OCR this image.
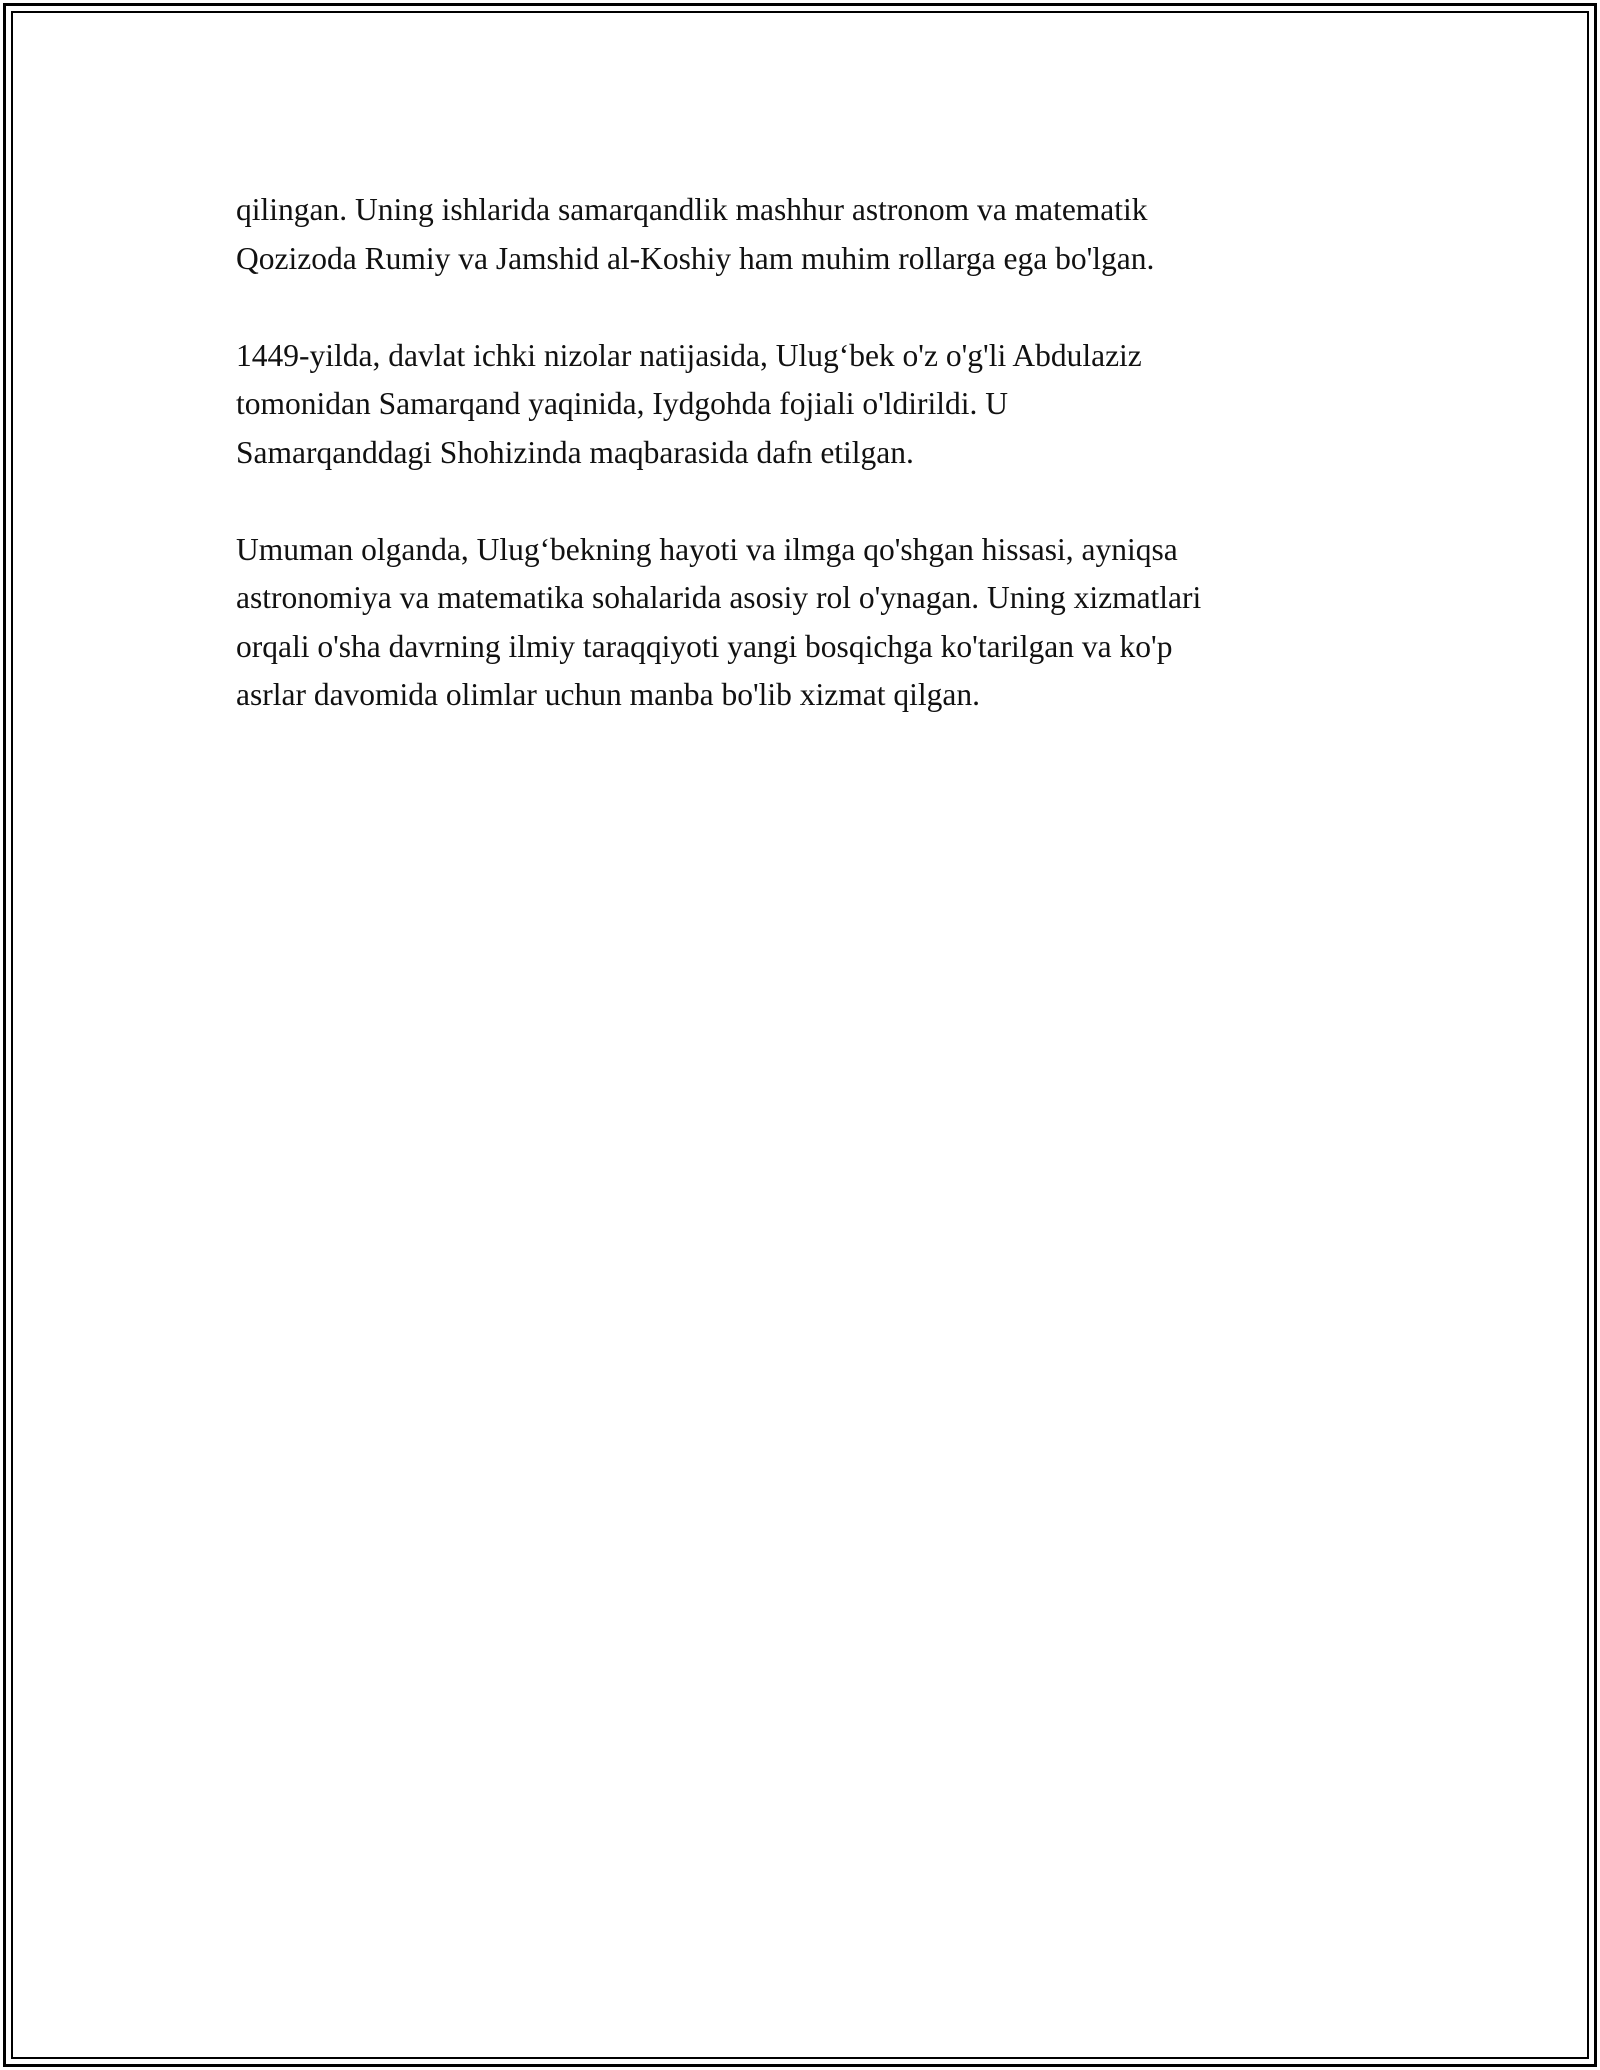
qilingan. Uning ishlarida samarqandlik mashhur astronom va matematik
Qozizoda Rumiy va Jamshid al-Koshiy ham muhim rollarga ega bo'lgan.

1449-yilda, davlat ichki nizolar natijasida, Ulug‘bek o'z o'g'li Abdulaziz
tomonidan Samarqand yaqinida, Iydgohda fojiali o'ldirildi. U
Samarqanddagi Shohizinda maqbarasida dafn etilgan.

Umuman olganda, Ulug‘bekning hayoti va ilmga qo'shgan hissasi, ayniqsa
astronomiya va matematika sohalarida asosiy rol o'ynagan. Uning xizmatlari
orqali o'sha davrning ilmiy taraqqiyoti yangi bosqichga ko'tarilgan va ko'p
asrlar davomida olimlar uchun manba bo'lib xizmat qilgan.
